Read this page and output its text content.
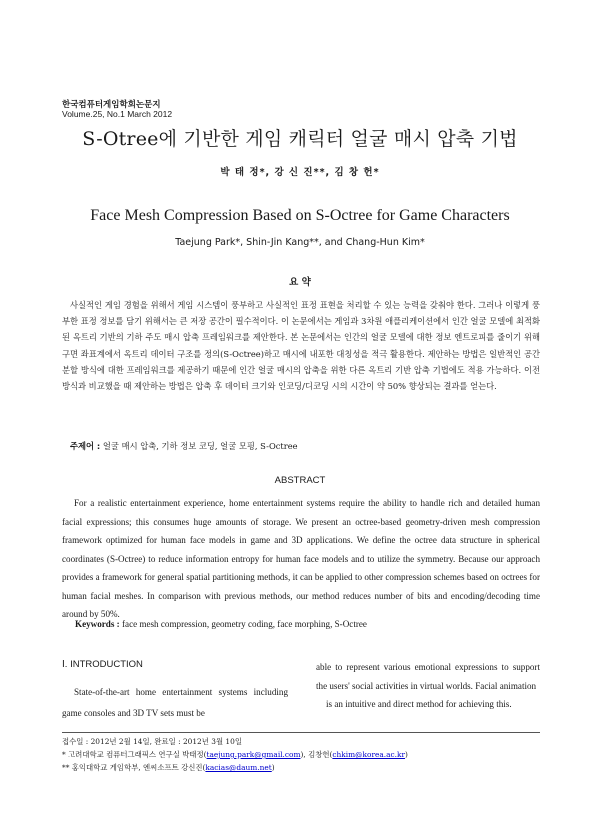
한국컴퓨터게임학회논문지
Volume.25, No.1 March 2012
S-Otree에 기반한 게임 캐릭터 얼굴 매시 압축 기법
박 태 정*, 강 신 진**, 김 창 헌*
Face Mesh Compression Based on S-Octree for Game Characters
Taejung Park*, Shin-Jin Kang**, and Chang-Hun Kim*
요 약
사실적인 게임 경험을 위해서 게임 시스템이 풍부하고 사실적인 표정 표현을 처리할 수 있는 능력을 갖춰야 한다. 그러나 이렇게 풍부한 표정 정보를 담기 위해서는 큰 저장 공간이 필수적이다. 이 논문에서는 게임과 3차원 애플리케이션에서 인간 얼굴 모델에 최적화된 옥트리 기반의 기하 주도 매시 압축 프레임워크를 제안한다. 본 논문에서는 인간의 얼굴 모델에 대한 정보 엔트로피를 줄이기 위해 구면 좌표계에서 옥트리 데이터 구조를 정의(S-Octree)하고 매시에 내포한 대칭성을 적극 활용한다. 제안하는 방법은 일반적인 공간 분할 방식에 대한 프레임워크를 제공하기 때문에 인간 얼굴 매시의 압축을 위한 다른 옥트리 기반 압축 기법에도 적용 가능하다. 이전 방식과 비교했을 때 제안하는 방법은 압축 후 데이터 크기와 인코딩/디코딩 시의 시간이 약 50% 향상되는 결과를 얻는다.
주제어 : 얼굴 매시 압축, 기하 정보 코딩, 얼굴 모핑, S-Octree
ABSTRACT
For a realistic entertainment experience, home entertainment systems require the ability to handle rich and detailed human facial expressions; this consumes huge amounts of storage. We present an octree-based geometry-driven mesh compression framework optimized for human face models in game and 3D applications. We define the octree data structure in spherical coordinates (S-Octree) to reduce information entropy for human face models and to utilize the symmetry. Because our approach provides a framework for general spatial partitioning methods, it can be applied to other compression schemes based on octrees for human facial meshes. In comparison with previous methods, our method reduces number of bits and encoding/decoding time around by 50%.
Keywords : face mesh compression, geometry coding, face morphing, S-Octree
Ⅰ. INTRODUCTION
State-of-the-art home entertainment systems including game consoles and 3D TV sets must be
able to represent various emotional expressions to support the users' social activities in virtual worlds. Facial animation
is an intuitive and direct method for achieving this.
접수일 : 2012년 2월 14일, 완료일 : 2012년 3월 10일
* 고려대학교 컴퓨터그래픽스 연구실 박태정(taejung.park@gmail.com), 김창헌(chkim@korea.ac.kr)
** 홍익대학교 게임학부, 엔씨소프트 강신진(kacias@daum.net)
